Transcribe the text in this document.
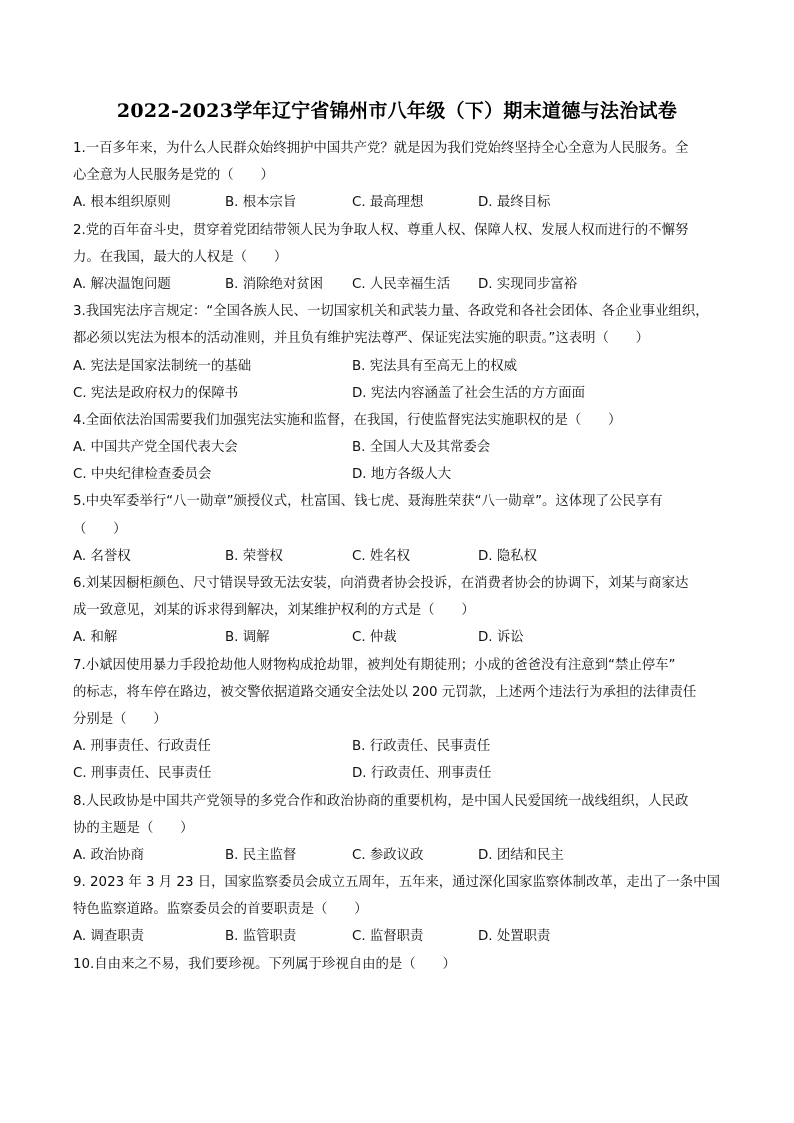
2022-2023学年辽宁省锦州市八年级（下）期末道德与法治试卷
1.一百多年来，为什么人民群众始终拥护中国共产党？就是因为我们党始终坚持全心全意为人民服务。全
心全意为人民服务是党的（　　）
A. 根本组织原则	B. 根本宗旨	C. 最高理想	D. 最终目标
2.党的百年奋斗史，贯穿着党团结带领人民为争取人权、尊重人权、保障人权、发展人权而进行的不懈努
力。在我国，最大的人权是（　　）
A. 解决温饱问题	B. 消除绝对贫困 C. 人民幸福生活 D. 实现同步富裕
3.我国宪法序言规定：“全国各族人民、一切国家机关和武装力量、各政党和各社会团体、各企业事业组织，
都必须以宪法为根本的活动准则，并且负有维护宪法尊严、保证宪法实施的职责。”这表明（　　）
A. 宪法是国家法制统一的基础	B. 宪法具有至高无上的权威
C. 宪法是政府权力的保障书	D. 宪法内容涵盖了社会生活的方方面面
4.全面依法治国需要我们加强宪法实施和监督，在我国，行使监督宪法实施职权的是（　　）
A. 中国共产党全国代表大会	B. 全国人大及其常委会
C. 中央纪律检查委员会	D. 地方各级人大
5.中央军委举行“八一勋章”颁授仪式，杜富国、钱七虎、聂海胜荣获“八一勋章”。这体现了公民享有
（　　）
A. 名誉权	B. 荣誉权	C. 姓名权	D. 隐私权
6.刘某因橱柜颜色、尺寸错误导致无法安装，向消费者协会投诉，在消费者协会的协调下，刘某与商家达
成一致意见，刘某的诉求得到解决，刘某维护权利的方式是（　　）
A. 和解	B. 调解	C. 仲裁	D. 诉讼
7.小斌因使用暴力手段抢劫他人财物构成抢劫罪，被判处有期徒刑；小成的爸爸没有注意到“禁止停车”
的标志，将车停在路边，被交警依据道路交通安全法处以 200 元罚款，上述两个违法行为承担的法律责任
分别是（　　）
A. 刑事责任、行政责任	B. 行政责任、民事责任
C. 刑事责任、民事责任	D. 行政责任、刑事责任
8.人民政协是中国共产党领导的多党合作和政治协商的重要机构，是中国人民爱国统一战线组织，人民政
协的主题是（　　）
A. 政治协商	B. 民主监督	C. 参政议政	D. 团结和民主
9. 2023 年 3 月 23 日，国家监察委员会成立五周年，五年来，通过深化国家监察体制改革，走出了一条中国
特色监察道路。监察委员会的首要职责是（　　）
A. 调查职责	B. 监管职责	C. 监督职责	D. 处置职责
10.自由来之不易，我们要珍视。下列属于珍视自由的是（　　）
